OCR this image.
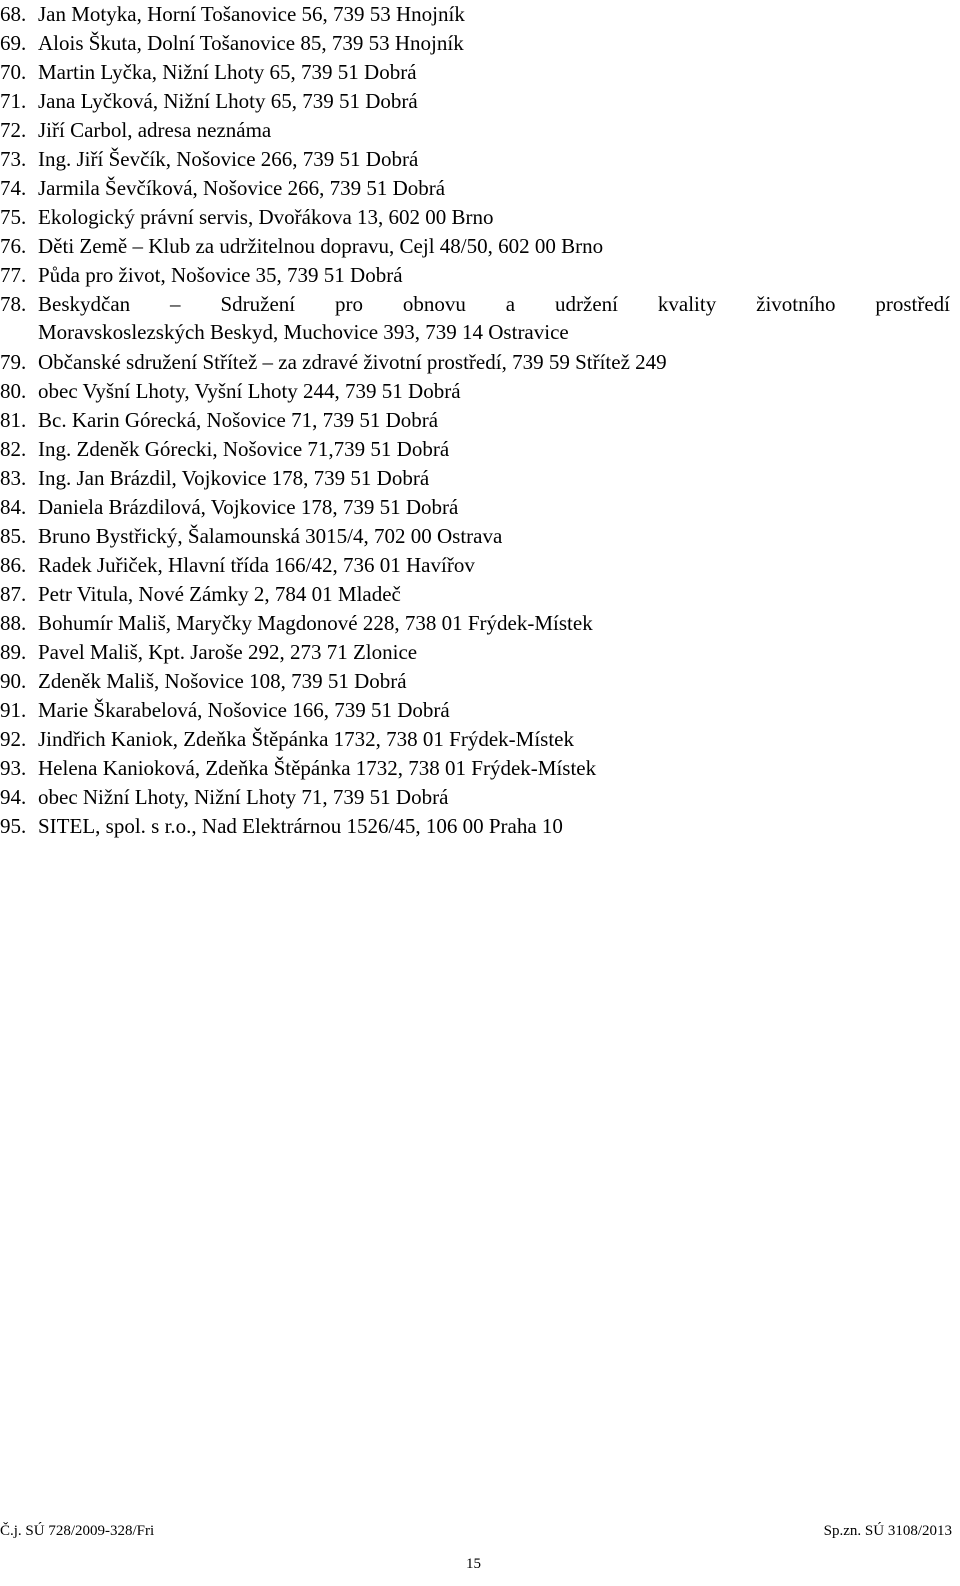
68. Jan Motyka, Horní Tošanovice 56, 739 53 Hnojník
69. Alois Škuta, Dolní Tošanovice 85, 739 53 Hnojník
70. Martin Lyčka, Nižní Lhoty 65, 739 51 Dobrá
71. Jana Lyčková, Nižní Lhoty 65, 739 51 Dobrá
72. Jiří Carbol, adresa neznáma
73. Ing. Jiří Ševčík, Nošovice 266, 739 51 Dobrá
74. Jarmila Ševčíková, Nošovice 266, 739 51 Dobrá
75. Ekologický právní servis, Dvořákova 13, 602 00 Brno
76. Děti Země – Klub za udržitelnou dopravu, Cejl 48/50, 602 00 Brno
77. Půda pro život, Nošovice 35, 739 51 Dobrá
78. Beskydčan – Sdružení pro obnovu a udržení kvality životního prostředí
Moravskoslezských Beskyd, Muchovice 393, 739 14 Ostravice
79. Občanské sdružení Střítež – za zdravé životní prostředí, 739 59 Střítež 249
80. obec Vyšní Lhoty, Vyšní Lhoty 244, 739 51 Dobrá
81. Bc. Karin Górecká, Nošovice 71, 739 51 Dobrá
82. Ing. Zdeněk Górecki, Nošovice 71,739 51 Dobrá
83. Ing. Jan Brázdil, Vojkovice 178, 739 51 Dobrá
84. Daniela Brázdilová, Vojkovice 178, 739 51 Dobrá
85. Bruno Bystřický, Šalamounská 3015/4, 702 00 Ostrava
86. Radek Juřiček, Hlavní třída 166/42, 736 01 Havířov
87. Petr Vitula, Nové Zámky 2, 784 01 Mladeč
88. Bohumír Mališ, Maryčky Magdonové 228, 738 01 Frýdek-Místek
89. Pavel Mališ, Kpt. Jaroše 292, 273 71 Zlonice
90. Zdeněk Mališ, Nošovice 108, 739 51 Dobrá
91. Marie Škarabelová, Nošovice 166, 739 51 Dobrá
92. Jindřich Kaniok, Zdeňka Štěpánka 1732, 738 01 Frýdek-Místek
93. Helena Kanioková, Zdeňka Štěpánka 1732, 738 01 Frýdek-Místek
94. obec Nižní Lhoty, Nižní Lhoty 71, 739 51 Dobrá
95. SITEL, spol. s r.o., Nad Elektrárnou 1526/45, 106 00 Praha 10
Č.j. SÚ 728/2009-328/Fri	Sp.zn. SÚ 3108/2013
15
